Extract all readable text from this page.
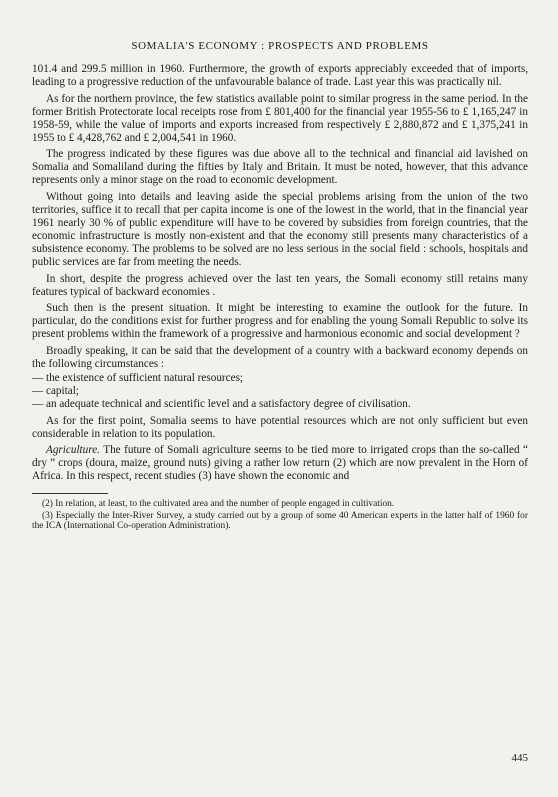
SOMALIA'S ECONOMY : PROSPECTS AND PROBLEMS

101.4 and 299.5 million in 1960. Furthermore, the growth of exports appreciably exceeded that of imports, leading to a progressive reduction of the unfavourable balance of trade. Last year this was practically nil.

As for the northern province, the few statistics available point to similar progress in the same period. In the former British Protectorate local receipts rose from £ 801,400 for the financial year 1955-56 to £ 1,165,247 in 1958-59, while the value of imports and exports increased from respectively £ 2,880,872 and £ 1,375,241 in 1955 to £ 4,428,762 and £ 2,004,541 in 1960.

The progress indicated by these figures was due above all to the technical and financial aid lavished on Somalia and Somaliland during the fifties by Italy and Britain. It must be noted, however, that this advance represents only a minor stage on the road to economic development.

Without going into details and leaving aside the special problems arising from the union of the two territories, suffice it to recall that per capita income is one of the lowest in the world, that in the financial year 1961 nearly 30 % of public expenditure will have to be covered by subsidies from foreign countries, that the economic infrastructure is mostly non-existent and that the economy still presents many characteristics of a subsistence economy. The problems to be solved are no less serious in the social field : schools, hospitals and public services are far from meeting the needs.

In short, despite the progress achieved over the last ten years, the Somali economy still retains many features typical of backward economies .

Such then is the present situation. It might be interesting to examine the outlook for the future. In particular, do the conditions exist for further progress and for enabling the young Somali Republic to solve its present problems within the framework of a progressive and harmonious economic and social development ?

Broadly speaking, it can be said that the development of a country with a backward economy depends on the following circumstances :

— the existence of sufficient natural resources;
— capital;
— an adequate technical and scientific level and a satisfactory degree of civilisation.

As for the first point, Somalia seems to have potential resources which are not only sufficient but even considerable in relation to its population.

Agriculture. The future of Somali agriculture seems to be tied more to irrigated crops than the so-called “ dry ” crops (doura, maize, ground nuts) giving a rather low return (2) which are now prevalent in the Horn of Africa. In this respect, recent studies (3) have shown the economic and

(2) In relation, at least, to the cultivated area and the number of people engaged in cultivation.

(3) Especially the Inter-River Survey, a study carried out by a group of some 40 American experts in the latter half of 1960 for the ICA (International Co-operation Administration).

445
